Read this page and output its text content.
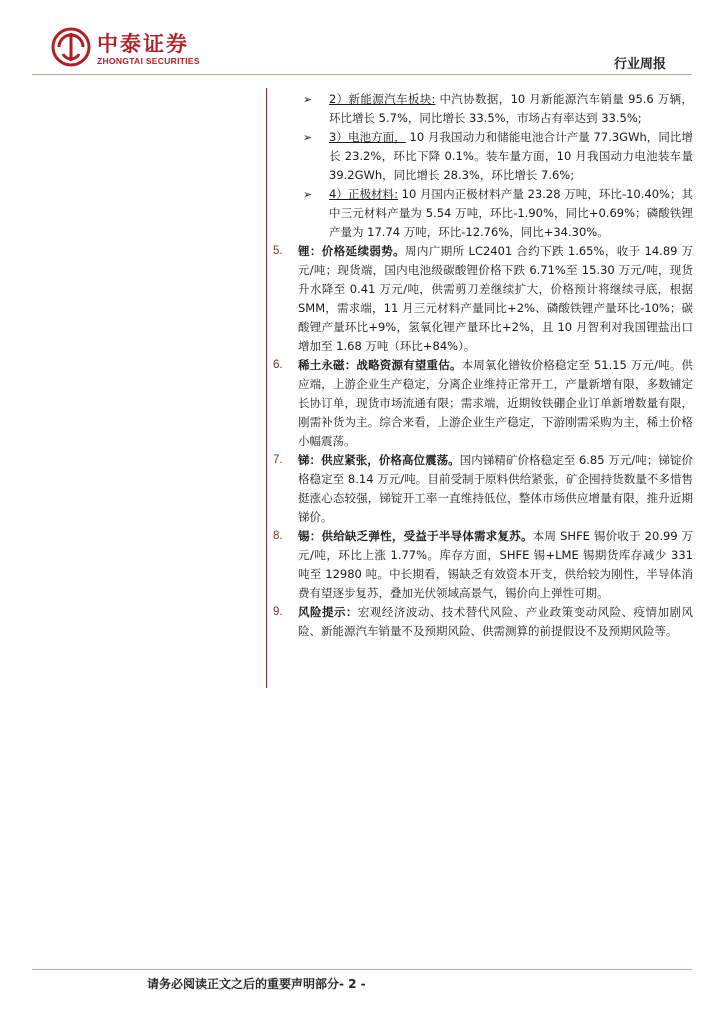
中泰证券
ZHONGTAI SECURITIES	行业周报
➢ 2）新能源汽车板块: 中汽协数据，10 月新能源汽车销量 95.6 万辆，环比增长 5.7%，同比增长 33.5%，市场占有率达到 33.5%;
➢ 3）电池方面， 10 月我国动力和储能电池合计产量 77.3GWh，同比增长 23.2%，环比下降 0.1%。装车量方面，10 月我国动力电池装车量 39.2GWh，同比增长 28.3%，环比增长 7.6%;
➢ 4）正极材料: 10 月国内正极材料产量 23.28 万吨，环比-10.40%；其中三元材料产量为 5.54 万吨，环比-1.90%，同比+0.69%；磷酸铁锂产量为 17.74 万吨，环比-12.76%，同比+34.30%。
5. 锂：价格延续弱势。周内广期所 LC2401 合约下跌 1.65%，收于 14.89 万元/吨；现货端，国内电池级碳酸锂价格下跌 6.71%至 15.30 万元/吨，现货升水降至 0.41 万元/吨，供需剪刀差继续扩大，价格预计将继续寻底，根据SMM，需求端，11 月三元材料产量同比+2%、磷酸铁锂产量环比-10%；碳酸锂产量环比+9%，氢氧化锂产量环比+2%，且 10 月智利对我国锂盐出口增加至 1.68 万吨（环比+84%）。
6. 稀土永磁：战略资源有望重估。本周氧化镨钕价格稳定至 51.15 万元/吨。供应端，上游企业生产稳定，分离企业维持正常开工，产量新增有限，多数铺定长协订单，现货市场流通有限；需求端，近期钕铁硼企业订单新增数量有限，刚需补货为主。综合来看，上游企业生产稳定，下游刚需采购为主，稀土价格小幅震荡。
7. 锑：供应紧张，价格高位震荡。国内锑精矿价格稳定至 6.85 万元/吨；锑锭价格稳定至 8.14 万元/吨。目前受制于原料供给紧张，矿企囤持货数量不多惜售挺涨心态较强，锑锭开工率一直维持低位，整体市场供应增量有限，推升近期锑价。
8. 锡：供给缺乏弹性，受益于半导体需求复苏。本周 SHFE 锡价收于 20.99 万元/吨，环比上涨 1.77%。库存方面，SHFE 锡+LME 锡期货库存减少 331 吨至 12980 吨。中长期看，锡缺乏有效资本开支，供给较为刚性，半导体消费有望逐步复苏，叠加光伏领域高景气，锡价向上弹性可期。
9. 风险提示：宏观经济波动、技术替代风险、产业政策变动风险、疫情加剧风险、新能源汽车销量不及预期风险、供需测算的前提假设不及预期风险等。
请务必阅读正文之后的重要声明部分- 2 -
